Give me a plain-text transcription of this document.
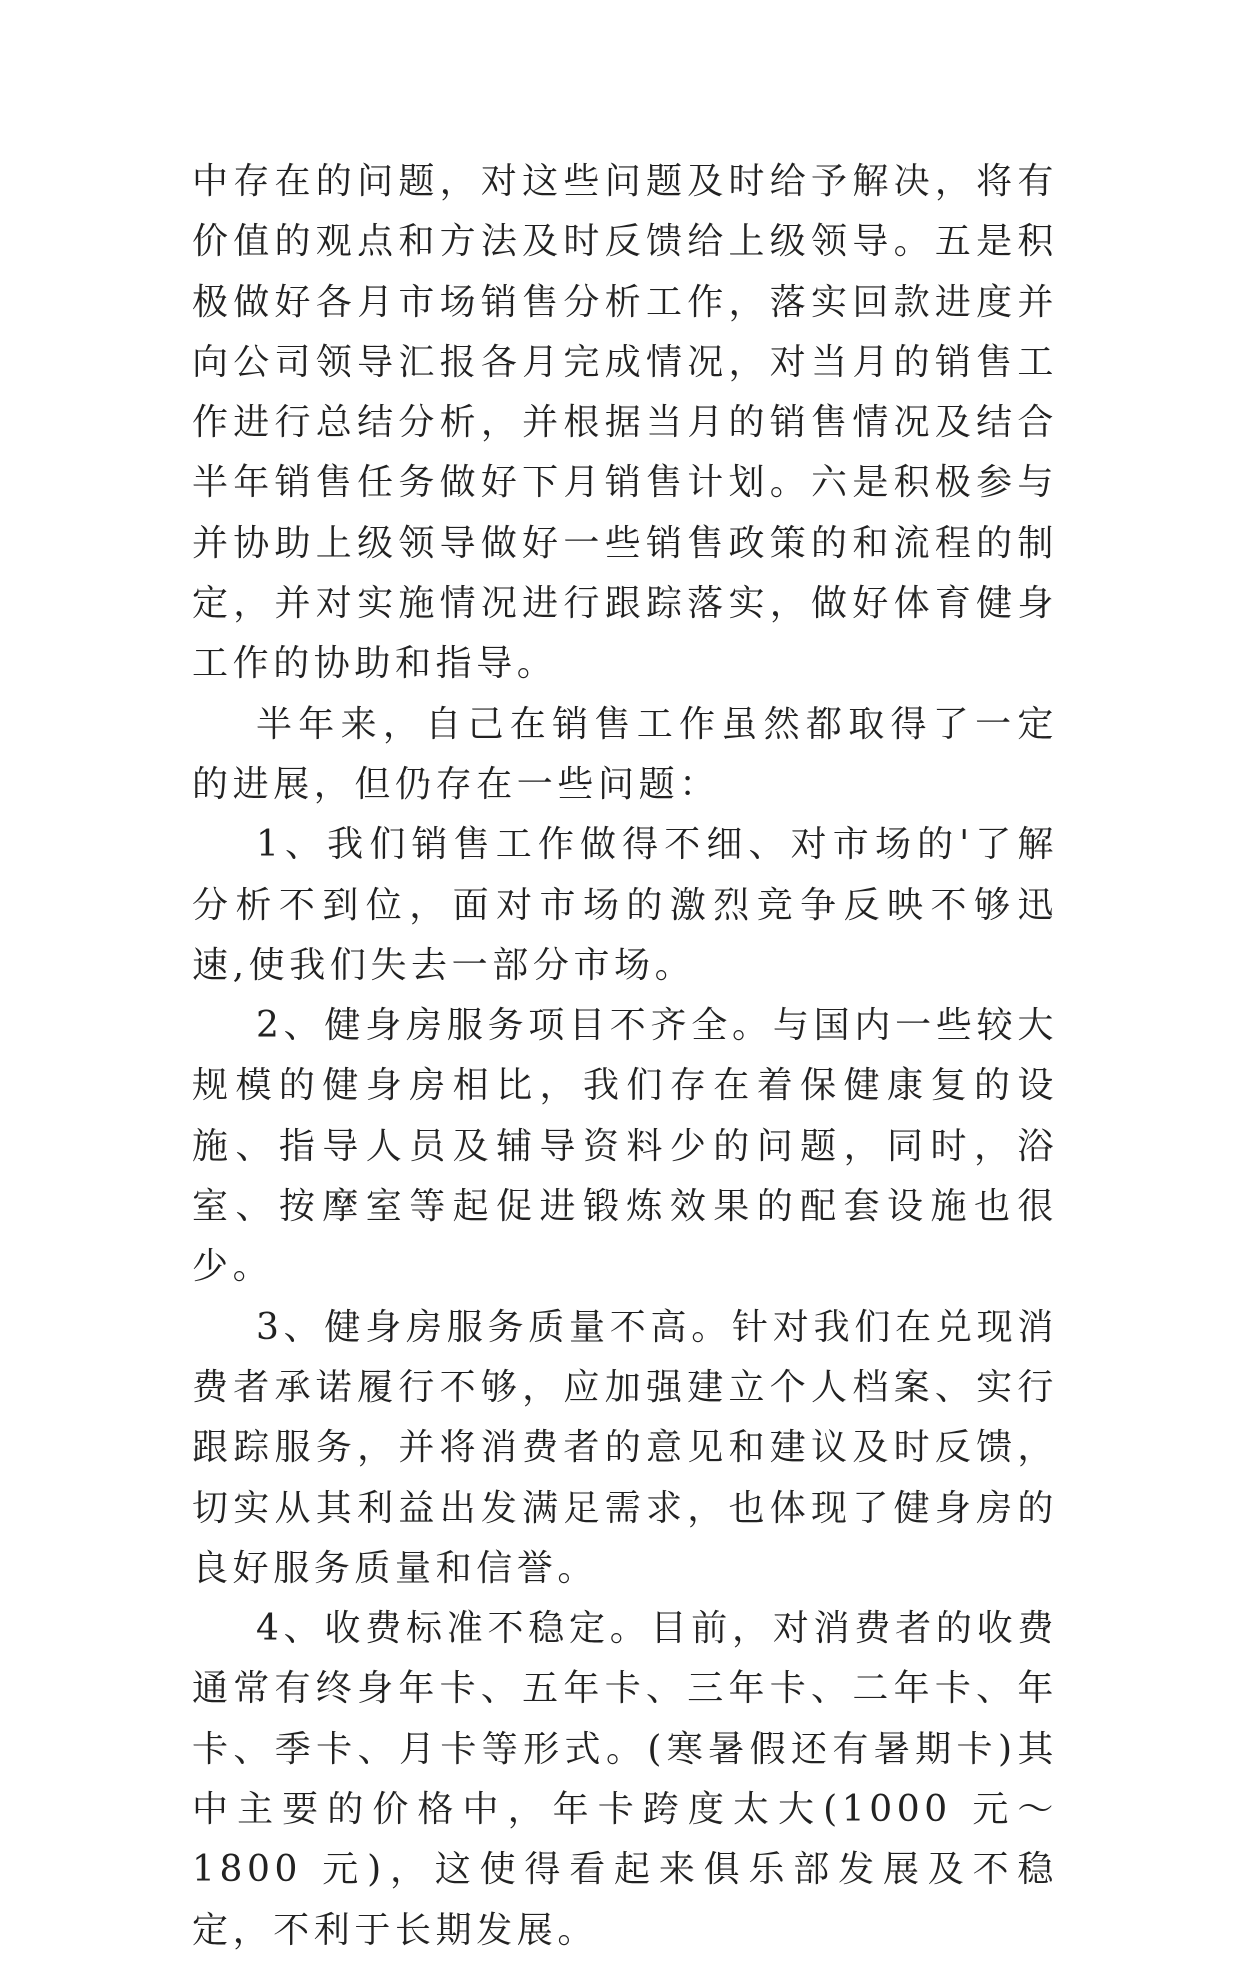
中存在的问题，对这些问题及时给予解决，将有价值的观点和方法及时反馈给上级领导。五是积极做好各月市场销售分析工作，落实回款进度并向公司领导汇报各月完成情况，对当月的销售工作进行总结分析，并根据当月的销售情况及结合半年销售任务做好下月销售计划。六是积极参与并协助上级领导做好一些销售政策的和流程的制定，并对实施情况进行跟踪落实，做好体育健身工作的协助和指导。

半年来，自己在销售工作虽然都取得了一定的进展，但仍存在一些问题：

1、我们销售工作做得不细、对市场的'了解分析不到位，面对市场的激烈竞争反映不够迅速,使我们失去一部分市场。

2、健身房服务项目不齐全。与国内一些较大规模的健身房相比，我们存在着保健康复的设施、指导人员及辅导资料少的问题，同时，浴室、按摩室等起促进锻炼效果的配套设施也很少。

3、健身房服务质量不高。针对我们在兑现消费者承诺履行不够，应加强建立个人档案、实行跟踪服务，并将消费者的意见和建议及时反馈，切实从其利益出发满足需求，也体现了健身房的良好服务质量和信誉。

4、收费标准不稳定。目前，对消费者的收费通常有终身年卡、五年卡、三年卡、二年卡、年卡、季卡、月卡等形式。(寒暑假还有暑期卡)其中主要的价格中，年卡跨度太大(1000 元～1800 元)，这使得看起来俱乐部发展及不稳定，不利于长期发展。
